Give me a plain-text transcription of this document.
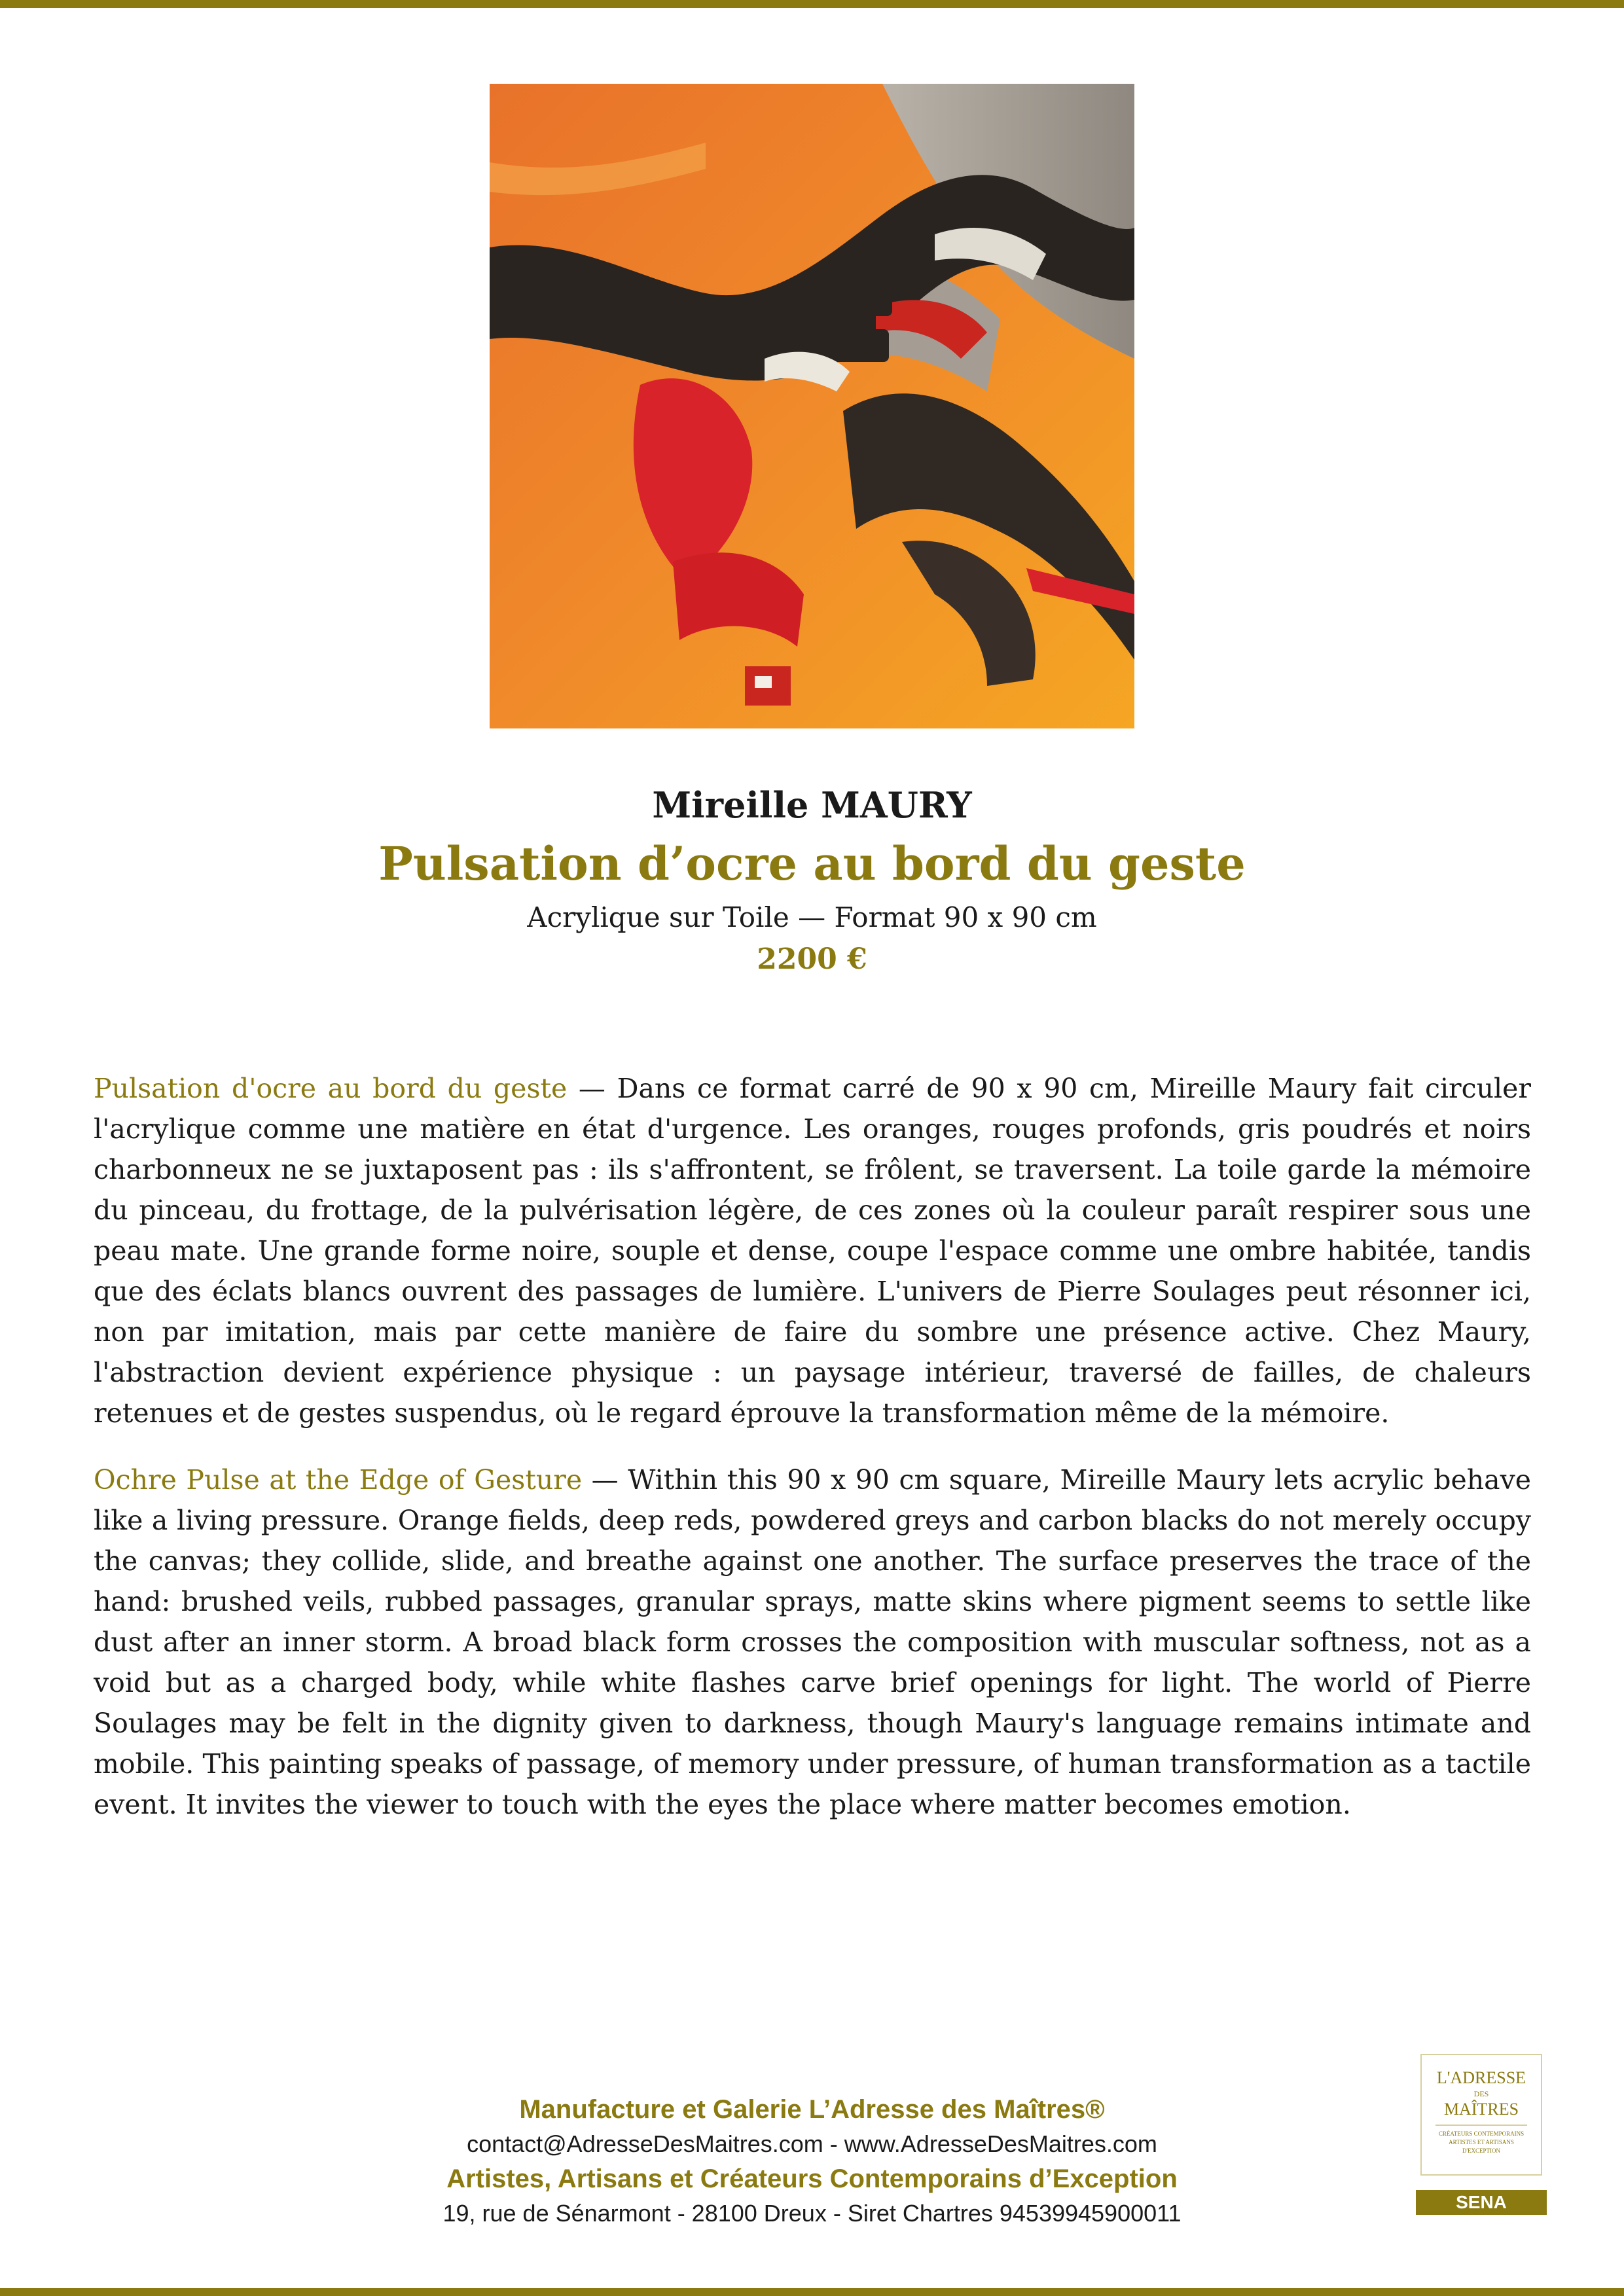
Mireille MAURY
Pulsation d’ocre au bord du geste
Acrylique sur Toile — Format 90 x 90 cm
2200 €

Pulsation d'ocre au bord du geste — Dans ce format carré de 90 x 90 cm, Mireille Maury fait circuler l'acrylique comme une matière en état d'urgence. Les oranges, rouges profonds, gris poudrés et noirs charbonneux ne se juxtaposent pas : ils s'affrontent, se frôlent, se traversent. La toile garde la mémoire du pinceau, du frottage, de la pulvérisation légère, de ces zones où la couleur paraît respirer sous une peau mate. Une grande forme noire, souple et dense, coupe l'espace comme une ombre habitée, tandis que des éclats blancs ouvrent des passages de lumière. L'univers de Pierre Soulages peut résonner ici, non par imitation, mais par cette manière de faire du sombre une présence active. Chez Maury, l'abstraction devient expérience physique : un paysage intérieur, traversé de failles, de chaleurs retenues et de gestes suspendus, où le regard éprouve la transformation même de la mémoire.

Ochre Pulse at the Edge of Gesture — Within this 90 x 90 cm square, Mireille Maury lets acrylic behave like a living pressure. Orange fields, deep reds, powdered greys and carbon blacks do not merely occupy the canvas; they collide, slide, and breathe against one another. The surface preserves the trace of the hand: brushed veils, rubbed passages, granular sprays, matte skins where pigment seems to settle like dust after an inner storm. A broad black form crosses the composition with muscular softness, not as a void but as a charged body, while white flashes carve brief openings for light. The world of Pierre Soulages may be felt in the dignity given to darkness, though Maury's language remains intimate and mobile. This painting speaks of passage, of memory under pressure, of human transformation as a tactile event. It invites the viewer to touch with the eyes the place where matter becomes emotion.

Manufacture et Galerie L’Adresse des Maîtres®
contact@AdresseDesMaitres.com - www.AdresseDesMaitres.com
Artistes, Artisans et Créateurs Contemporains d’Exception
19, rue de Sénarmont - 28100 Dreux - Siret Chartres 94539945900011
L'ADRESSE
DES
MAÎTRES
CRÉATEURS CONTEMPORAINS ARTISTES ET ARTISANS D'EXCEPTION
SENA
